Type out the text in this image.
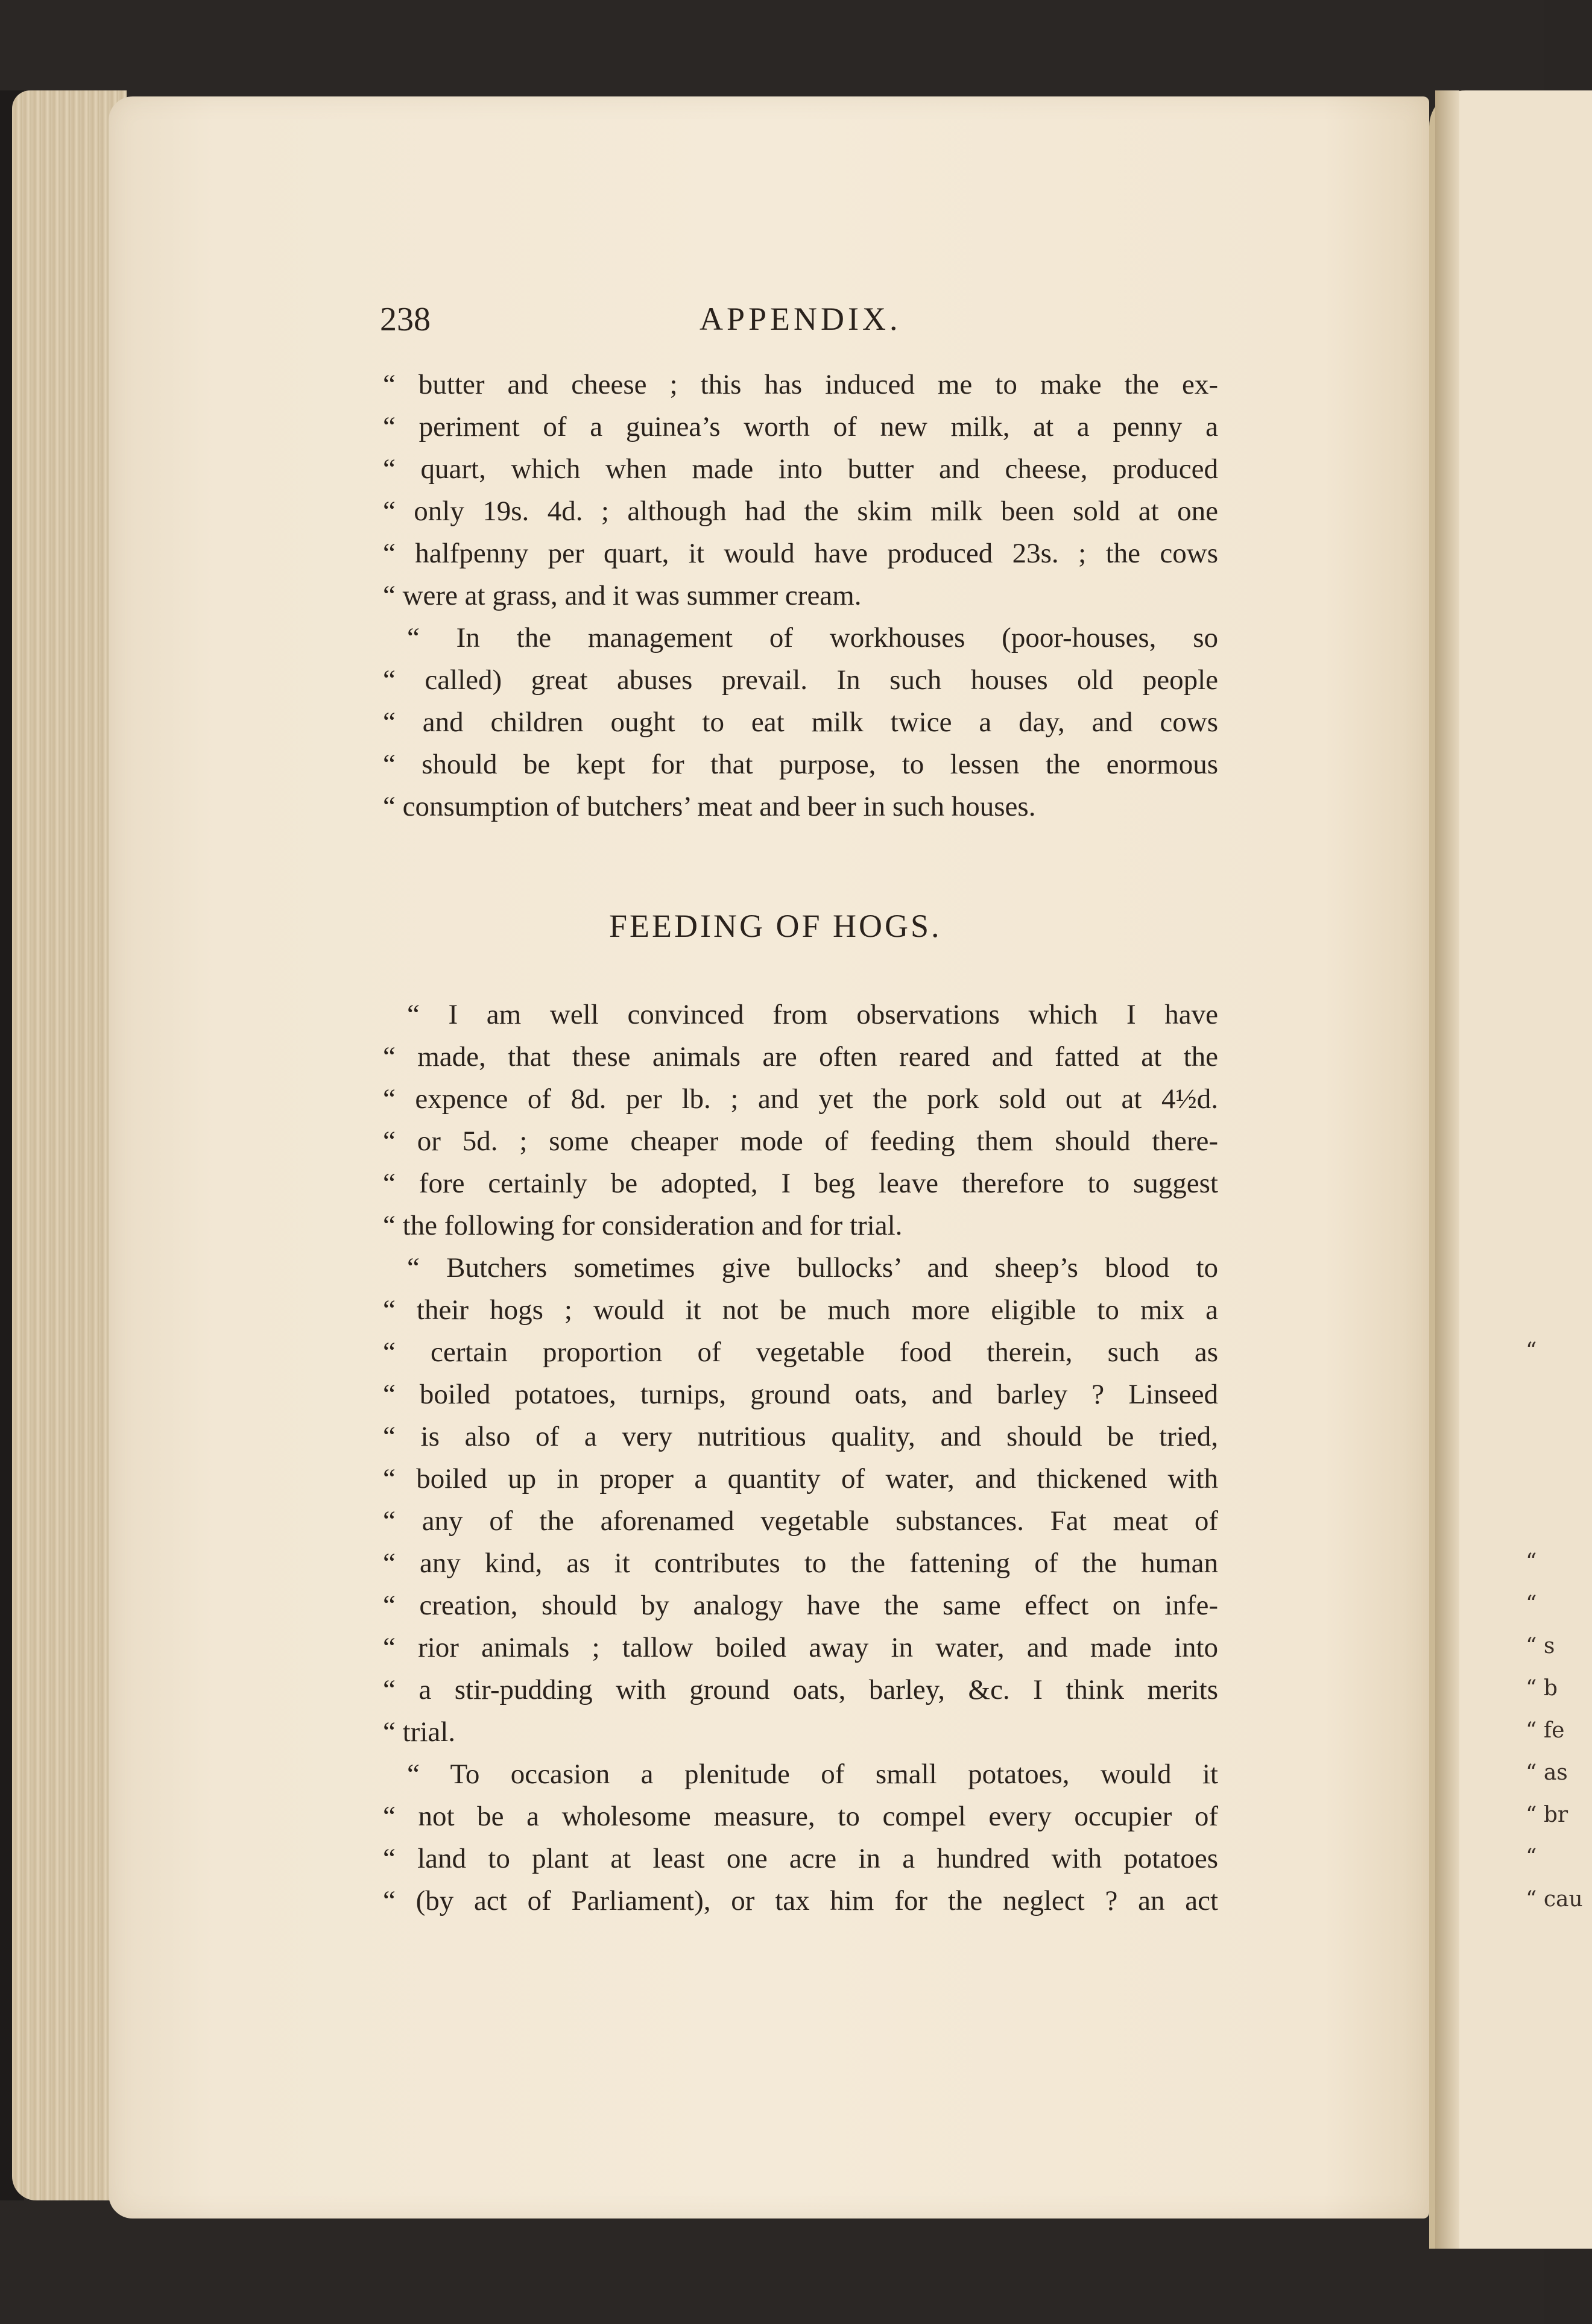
“
“
“
“ s
“ b
“ fe
“ as
“ br
“
“ cau
238	APPENDIX.
“ butter and cheese ; this has induced me to make the ex-
“ periment of a guinea’s worth of new milk, at a penny a
“ quart, which when made into butter and cheese, produced
“ only 19s. 4d. ; although had the skim milk been sold at one
“ halfpenny per quart, it would have produced 23s. ; the cows
“ were at grass, and it was summer cream.
“ In the management of workhouses (poor-houses, so
“ called) great abuses prevail. In such houses old people
“ and children ought to eat milk twice a day, and cows
“ should be kept for that purpose, to lessen the enormous
“ consumption of butchers’ meat and beer in such houses.
“ I am well convinced from observations which I have
“ made, that these animals are often reared and fatted at the
“ expence of 8d. per lb. ; and yet the pork sold out at 4½d.
“ or 5d. ; some cheaper mode of feeding them should there-
“ fore certainly be adopted, I beg leave therefore to suggest
“ the following for consideration and for trial.
“ Butchers sometimes give bullocks’ and sheep’s blood to
“ their hogs ; would it not be much more eligible to mix a
“ certain proportion of vegetable food therein, such as
“ boiled potatoes, turnips, ground oats, and barley ? Linseed
“ is also of a very nutritious quality, and should be tried,
“ boiled up in proper a quantity of water, and thickened with
“ any of the aforenamed vegetable substances. Fat meat of
“ any kind, as it contributes to the fattening of the human
“ creation, should by analogy have the same effect on infe-
“ rior animals ; tallow boiled away in water, and made into
“ a stir-pudding with ground oats, barley, &c. I think merits
“ trial.
“ To occasion a plenitude of small potatoes, would it
“ not be a wholesome measure, to compel every occupier of
“ land to plant at least one acre in a hundred with potatoes
“ (by act of Parliament), or tax him for the neglect ? an act
FEEDING OF HOGS.
